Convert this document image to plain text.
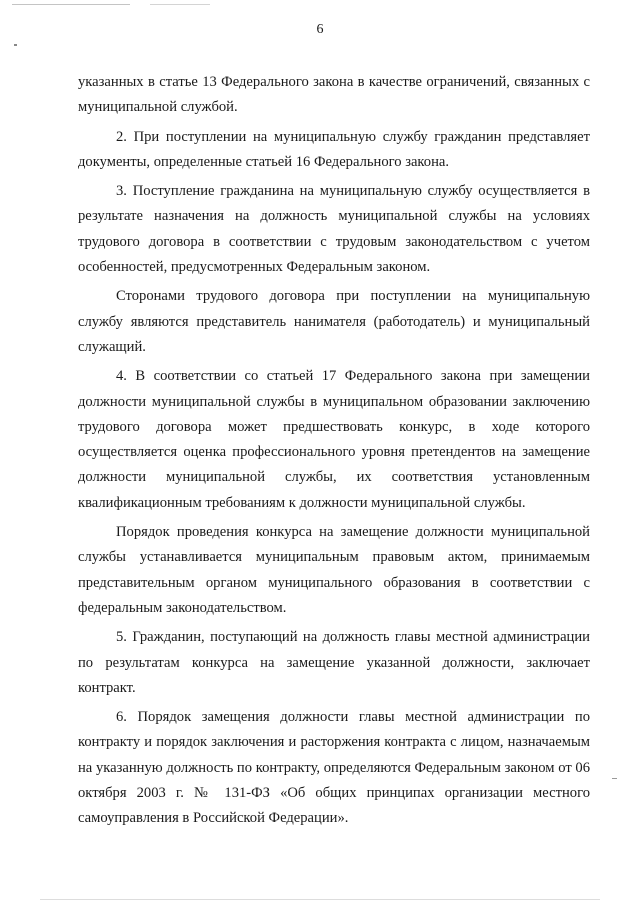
6

указанных в статье 13 Федерального закона в качестве ограничений, связанных с муниципальной службой.

2. При поступлении на муниципальную службу гражданин представляет документы, определенные статьей 16 Федерального закона.

3. Поступление гражданина на муниципальную службу осуществляется в результате назначения на должность муниципальной службы на условиях трудового договора в соответствии с трудовым законодательством с учетом особенностей, предусмотренных Федеральным законом.

Сторонами трудового договора при поступлении на муниципальную службу являются представитель нанимателя (работодатель) и муниципальный служащий.

4. В соответствии со статьей 17 Федерального закона при замещении должности муниципальной службы в муниципальном образовании заключению трудового договора может предшествовать конкурс, в ходе которого осуществляется оценка профессионального уровня претендентов на замещение должности муниципальной службы, их соответствия установленным квалификационным требованиям к должности муниципальной службы.

Порядок проведения конкурса на замещение должности муниципальной службы устанавливается муниципальным правовым актом, принимаемым представительным органом муниципального образования в соответствии с федеральным законодательством.

5. Гражданин, поступающий на должность главы местной администрации по результатам конкурса на замещение указанной должности, заключает контракт.

6. Порядок замещения должности главы местной администрации по контракту и порядок заключения и расторжения контракта с лицом, назначаемым на указанную должность по контракту, определяются Федеральным законом от 06 октября 2003 г. № 131-ФЗ «Об общих принципах организации местного самоуправления в Российской Федерации».
